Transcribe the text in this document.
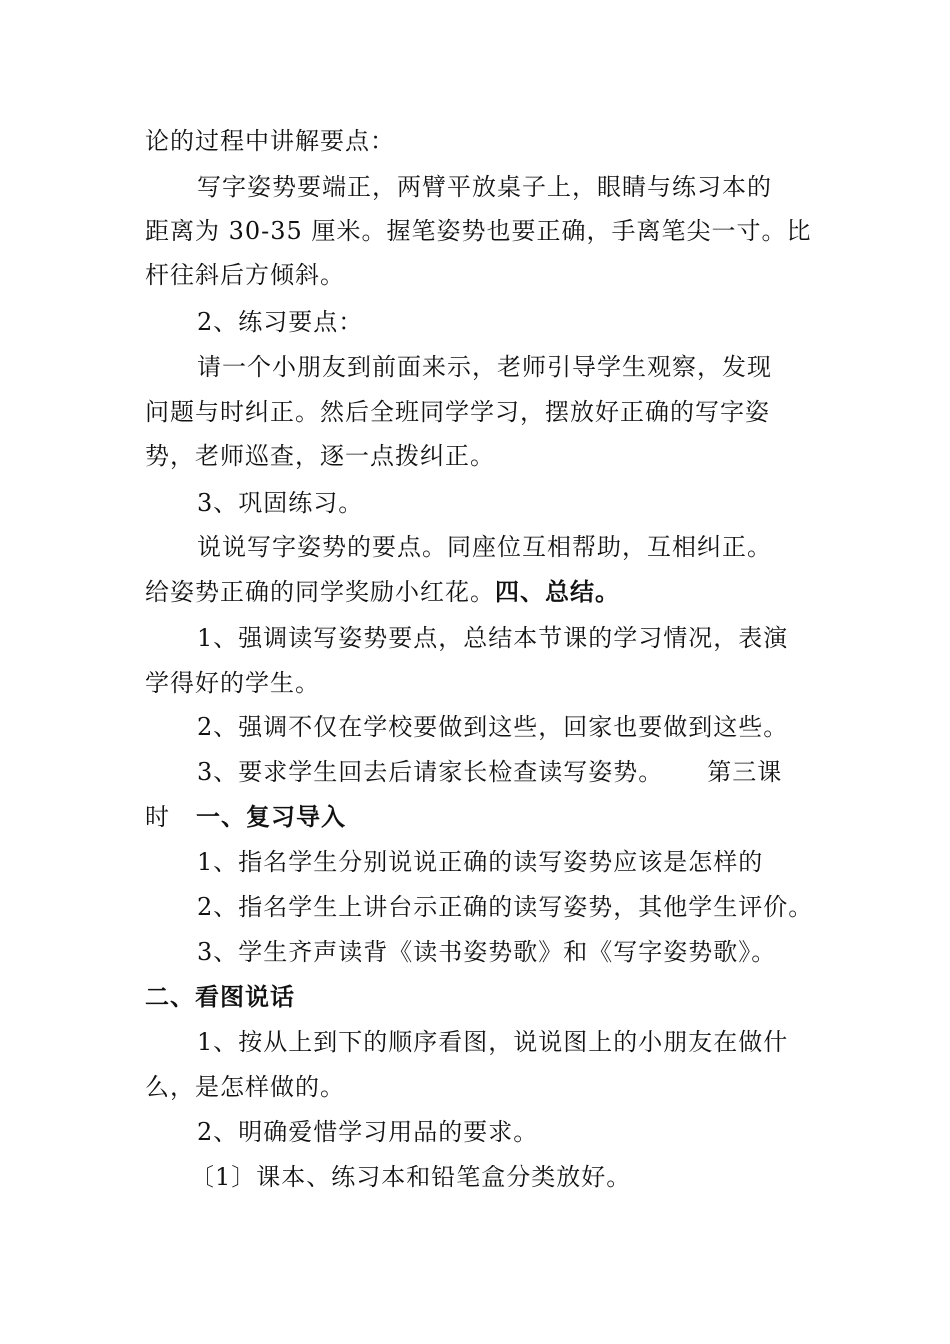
论的过程中讲解要点：
写字姿势要端正，两臂平放桌子上，眼睛与练习本的
距离为 30-35 厘米。握笔姿势也要正确，手离笔尖一寸。比
杆往斜后方倾斜。
2、练习要点：
请一个小朋友到前面来示，老师引导学生观察，发现
问题与时纠正。然后全班同学学习，摆放好正确的写字姿
势，老师巡查，逐一点拨纠正。
3、巩固练习。
说说写字姿势的要点。同座位互相帮助，互相纠正。
给姿势正确的同学奖励小红花。四、总结。
1、强调读写姿势要点，总结本节课的学习情况，表演
学得好的学生。
2、强调不仅在学校要做到这些，回家也要做到这些。
3、要求学生回去后请家长检查读写姿势。 第三课
时 一、复习导入
1、指名学生分别说说正确的读写姿势应该是怎样的
2、指名学生上讲台示正确的读写姿势，其他学生评价。
3、学生齐声读背《读书姿势歌》和《写字姿势歌》。
二、看图说话
1、按从上到下的顺序看图，说说图上的小朋友在做什
么，是怎样做的。
2、明确爱惜学习用品的要求。
〔1〕课本、练习本和铅笔盒分类放好。
